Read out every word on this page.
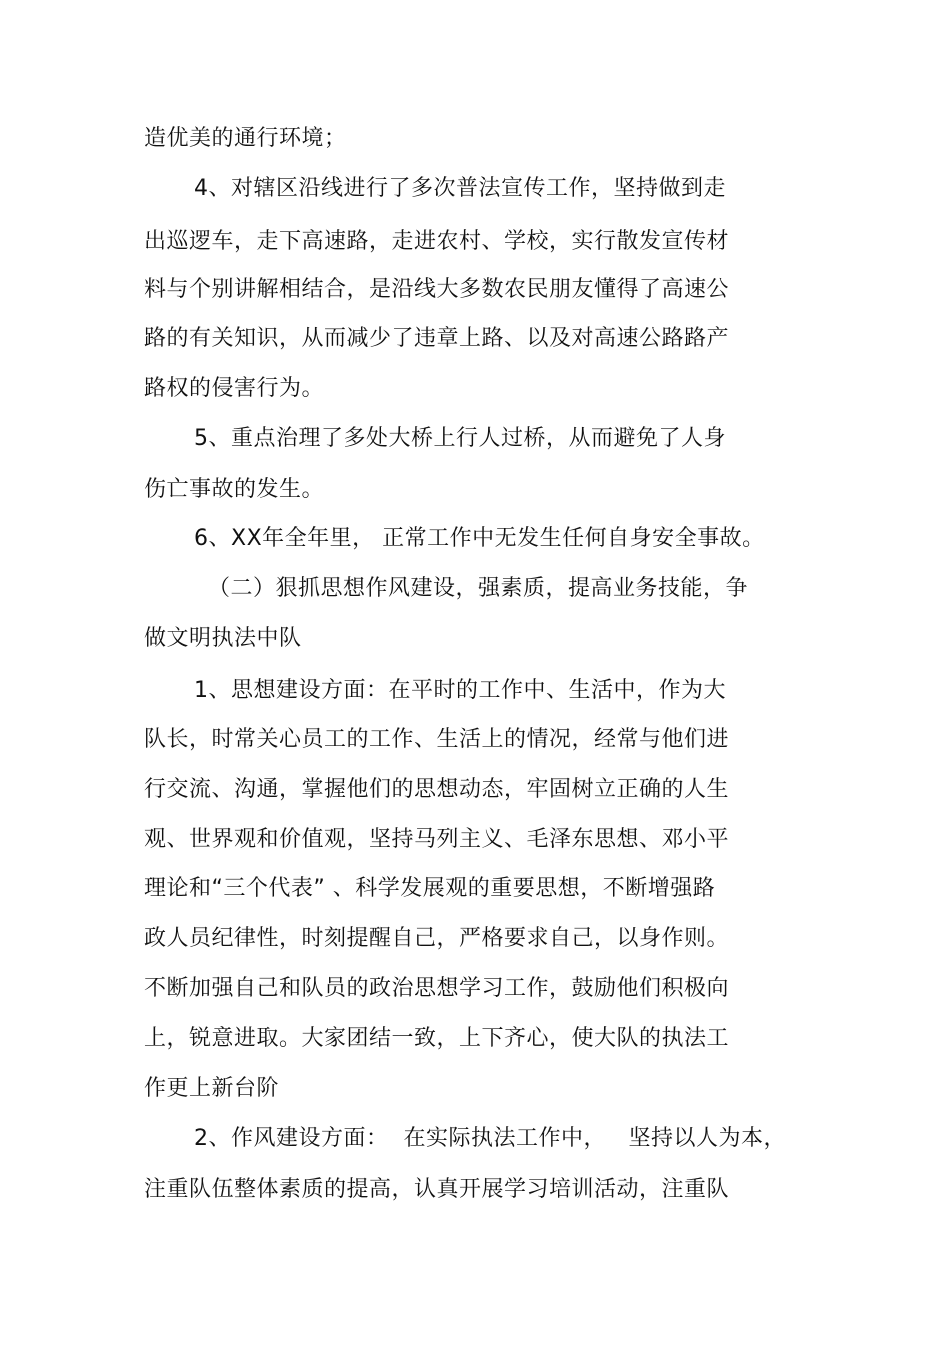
造优美的通行环境；
4、对辖区沿线进行了多次普法宣传工作，坚持做到走
出巡逻车，走下高速路，走进农村、学校，实行散发宣传材
料与个别讲解相结合，是沿线大多数农民朋友懂得了高速公
路的有关知识，从而减少了违章上路、以及对高速公路路产
路权的侵害行为。
5、重点治理了多处大桥上行人过桥，从而避免了人身
伤亡事故的发生。
6、XX年全年里， 正常工作中无发生任何自身安全事故。
（二）狠抓思想作风建设，强素质，提高业务技能，争
做文明执法中队
1、思想建设方面：在平时的工作中、生活中，作为大
队长，时常关心员工的工作、生活上的情况，经常与他们进
行交流、沟通，掌握他们的思想动态，牢固树立正确的人生
观、世界观和价值观，坚持马列主义、毛泽东思想、邓小平
理论和“三个代表” 、科学发展观的重要思想，不断增强路
政人员纪律性，时刻提醒自己，严格要求自己，以身作则。
不断加强自己和队员的政治思想学习工作，鼓励他们积极向
上，锐意进取。大家团结一致，上下齐心，使大队的执法工
作更上新台阶
2、作风建设方面：  在实际执法工作中，   坚持以人为本，
注重队伍整体素质的提高，认真开展学习培训活动，注重队
